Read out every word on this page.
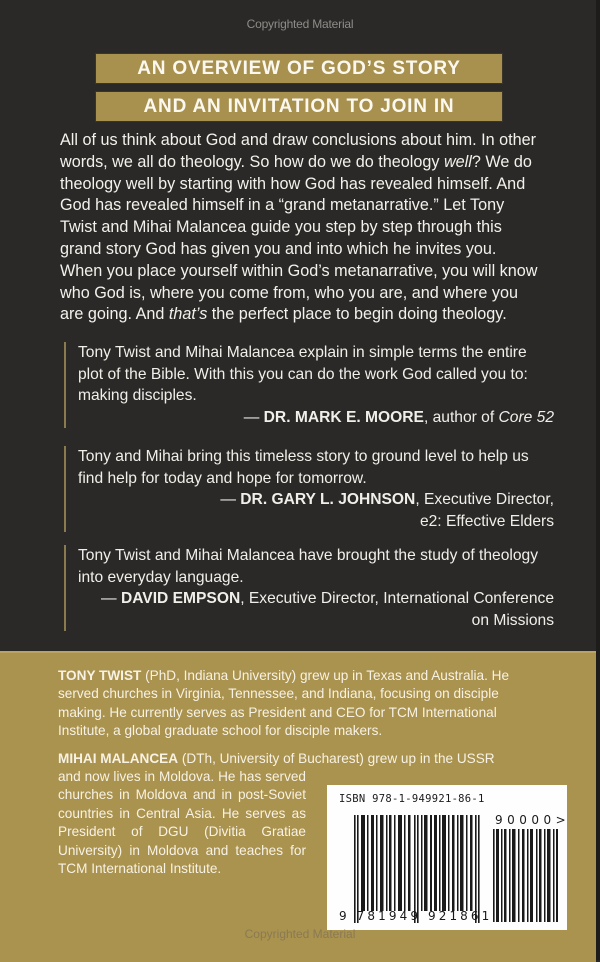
Copyrighted Material
AN OVERVIEW OF GOD’S STORY
AND AN INVITATION TO JOIN IN

All of us think about God and draw conclusions about him. In other words, we all do theology. So how do we do theology well? We do theology well by starting with how God has revealed himself. And God has revealed himself in a “grand metanarrative.” Let Tony Twist and Mihai Malancea guide you step by step through this grand story God has given you and into which he invites you. When you place yourself within God’s metanarrative, you will know who God is, where you come from, who you are, and where you are going. And that’s the perfect place to begin doing theology.

Tony Twist and Mihai Malancea explain in simple terms the entire plot of the Bible. With this you can do the work God called you to: making disciples.

— DR. MARK E. MOORE, author of Core 52

Tony and Mihai bring this timeless story to ground level to help us find help for today and hope for tomorrow.

— DR. GARY L. JOHNSON, Executive Director,

e2: Effective Elders

Tony Twist and Mihai Malancea have brought the study of theology into everyday language.

— DAVID EMPSON, Executive Director, International Conference

on Missions

TONY TWIST (PhD, Indiana University) grew up in Texas and Australia. He served churches in Virginia, Tennessee, and Indiana, focusing on disciple making. He currently serves as President and CEO for TCM International Institute, a global graduate school for disciple makers.

MIHAI MALANCEA (DTh, University of Bucharest) grew up in the USSR

and now lives in Moldova. He has served churches in Moldova and in post-Soviet countries in Central Asia. He serves as President of DGU (Divitia Gratiae University) in Moldova and teaches for TCM International Institute.

ISBN 978-1-949921-86-1
90000>
9 781949 921861
Copyrighted Material
